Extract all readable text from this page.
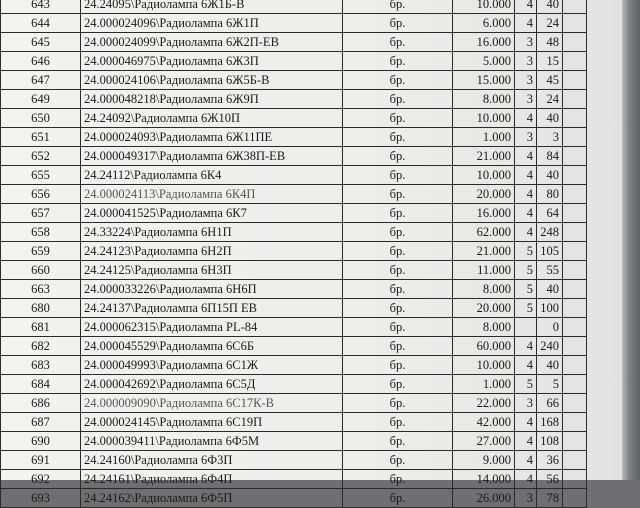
643	24.24095\Радиолампа 6Ж1Б-В	бр.	10.000	4	40	
644	24.000024096\Радиолампа 6Ж1П	бр.	6.000	4	24	
645	24.000024099\Радиолампа 6Ж2П-ЕВ	бр.	16.000	3	48	
646	24.000046975\Радиолампа 6Ж3П	бр.	5.000	3	15	
647	24.000024106\Радиолампа 6Ж5Б-В	бр.	15.000	3	45	
649	24.000048218\Радиолампа 6Ж9П	бр.	8.000	3	24	
650	24.24092\Радиолампа 6Ж10П	бр.	10.000	4	40	
651	24.000024093\Радиолампа 6Ж11ПЕ	бр.	1.000	3	3	
652	24.000049317\Радиолампа 6Ж38П-ЕВ	бр.	21.000	4	84	
655	24.24112\Радиолампа 6К4	бр.	10.000	4	40	
656	24.000024113\Радиолампа 6К4П	бр.	20.000	4	80	
657	24.000041525\Радиолампа 6К7	бр.	16.000	4	64	
658	24.33224\Радиолампа 6Н1П	бр.	62.000	4	248	
659	24.24123\Радиолампа 6Н2П	бр.	21.000	5	105	
660	24.24125\Радиолампа 6Н3П	бр.	11.000	5	55	
663	24.000033226\Радиолампа 6Н6П	бр.	8.000	5	40	
680	24.24137\Радиолампа 6П15П ЕВ	бр.	20.000	5	100	
681	24.000062315\Радиолампа PL-84	бр.	8.000		0	
682	24.000045529\Радиолампа 6С6Б	бр.	60.000	4	240	
683	24.000049993\Радиолампа 6С1Ж	бр.	10.000	4	40	
684	24.000042692\Радиолампа 6С5Д	бр.	1.000	5	5	
686	24.000009090\Радиолампа 6С17К-В	бр.	22.000	3	66	
687	24.000024145\Радиолампа 6С19П	бр.	42.000	4	168	
690	24.000039411\Радиолампа 6Ф5М	бр.	27.000	4	108	
691	24.24160\Радиолампа 6Ф3П	бр.	9.000	4	36	
692	24.24161\Радиолампа 6Ф4П	бр.	14.000	4	56	
693	24.24162\Радиолампа 6Ф5П	бр.	26.000	3	78	
